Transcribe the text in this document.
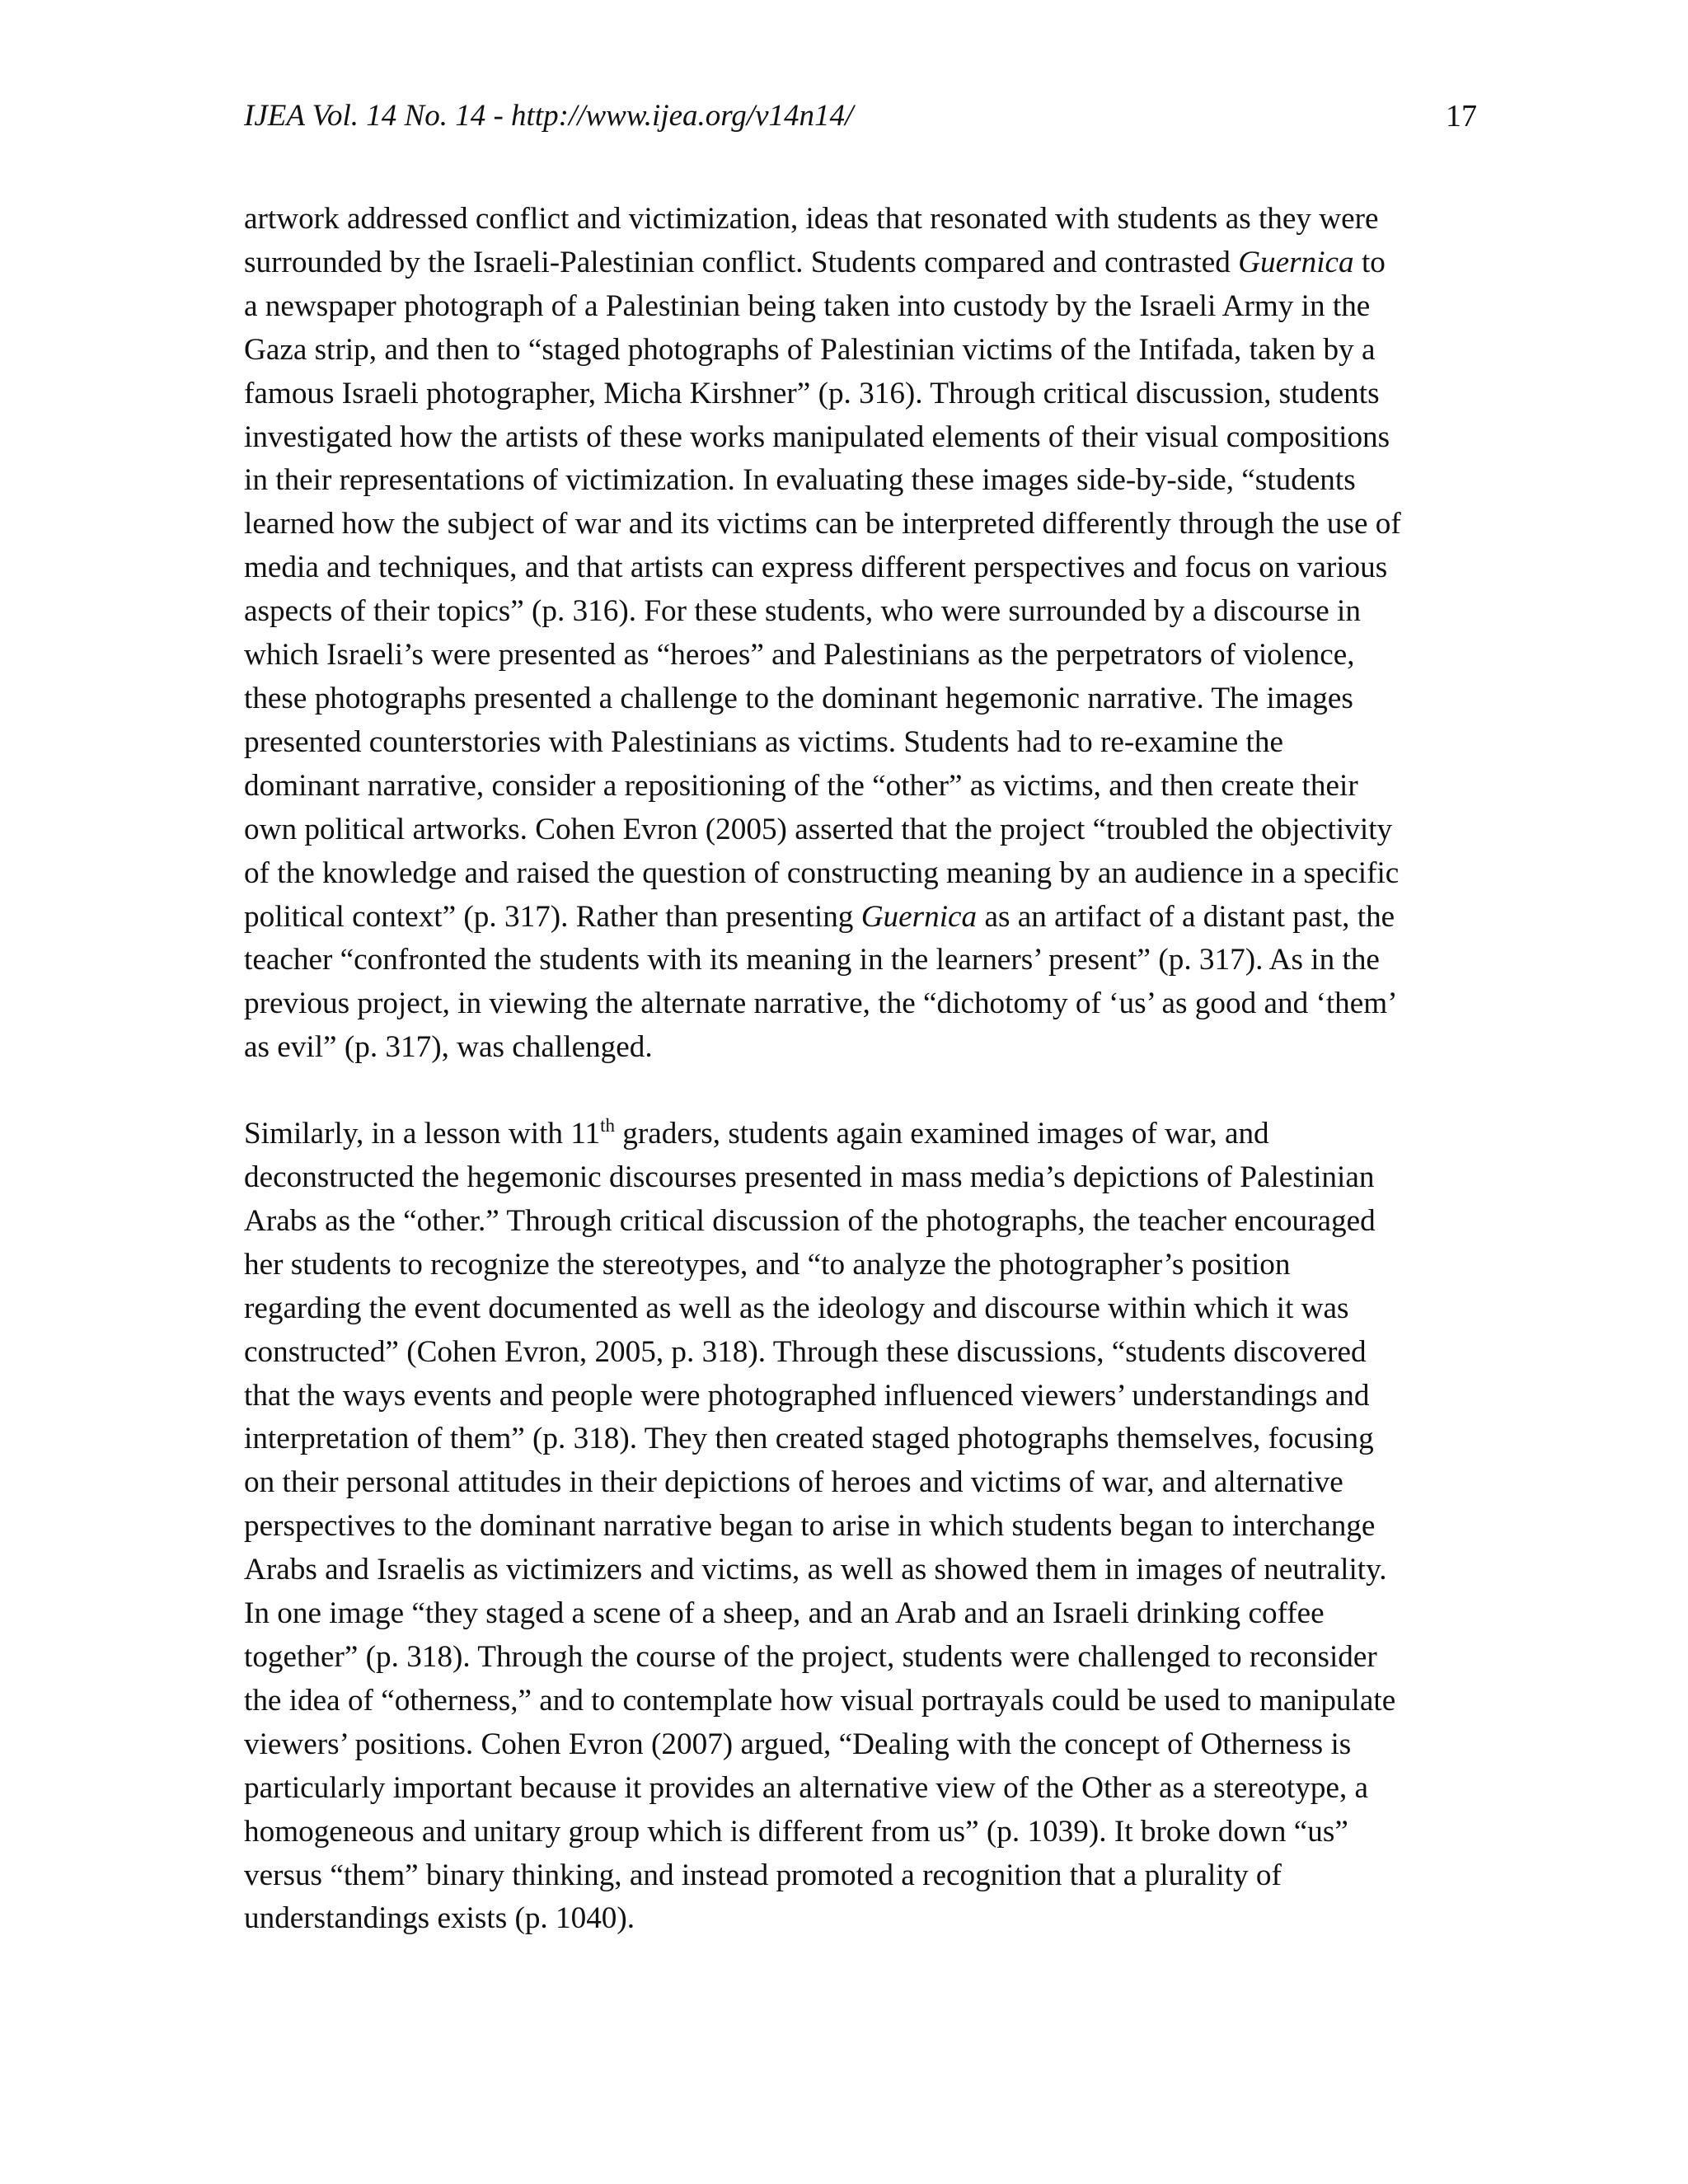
IJEA Vol. 14 No. 14 - http://www.ijea.org/v14n14/	17

artwork addressed conflict and victimization, ideas that resonated with students as they were
surrounded by the Israeli-Palestinian conflict. Students compared and contrasted Guernica to
a newspaper photograph of a Palestinian being taken into custody by the Israeli Army in the
Gaza strip, and then to “staged photographs of Palestinian victims of the Intifada, taken by a
famous Israeli photographer, Micha Kirshner” (p. 316). Through critical discussion, students
investigated how the artists of these works manipulated elements of their visual compositions
in their representations of victimization. In evaluating these images side-by-side, “students
learned how the subject of war and its victims can be interpreted differently through the use of
media and techniques, and that artists can express different perspectives and focus on various
aspects of their topics” (p. 316). For these students, who were surrounded by a discourse in
which Israeli’s were presented as “heroes” and Palestinians as the perpetrators of violence,
these photographs presented a challenge to the dominant hegemonic narrative. The images
presented counterstories with Palestinians as victims. Students had to re-examine the
dominant narrative, consider a repositioning of the “other” as victims, and then create their
own political artworks. Cohen Evron (2005) asserted that the project “troubled the objectivity
of the knowledge and raised the question of constructing meaning by an audience in a specific
political context” (p. 317). Rather than presenting Guernica as an artifact of a distant past, the
teacher “confronted the students with its meaning in the learners’ present” (p. 317). As in the
previous project, in viewing the alternate narrative, the “dichotomy of ‘us’ as good and ‘them’
as evil” (p. 317), was challenged.

Similarly, in a lesson with 11th graders, students again examined images of war, and
deconstructed the hegemonic discourses presented in mass media’s depictions of Palestinian
Arabs as the “other.” Through critical discussion of the photographs, the teacher encouraged
her students to recognize the stereotypes, and “to analyze the photographer’s position
regarding the event documented as well as the ideology and discourse within which it was
constructed” (Cohen Evron, 2005, p. 318). Through these discussions, “students discovered
that the ways events and people were photographed influenced viewers’ understandings and
interpretation of them” (p. 318). They then created staged photographs themselves, focusing
on their personal attitudes in their depictions of heroes and victims of war, and alternative
perspectives to the dominant narrative began to arise in which students began to interchange
Arabs and Israelis as victimizers and victims, as well as showed them in images of neutrality.
In one image “they staged a scene of a sheep, and an Arab and an Israeli drinking coffee
together” (p. 318). Through the course of the project, students were challenged to reconsider
the idea of “otherness,” and to contemplate how visual portrayals could be used to manipulate
viewers’ positions. Cohen Evron (2007) argued, “Dealing with the concept of Otherness is
particularly important because it provides an alternative view of the Other as a stereotype, a
homogeneous and unitary group which is different from us” (p. 1039). It broke down “us”
versus “them” binary thinking, and instead promoted a recognition that a plurality of
understandings exists (p. 1040).
